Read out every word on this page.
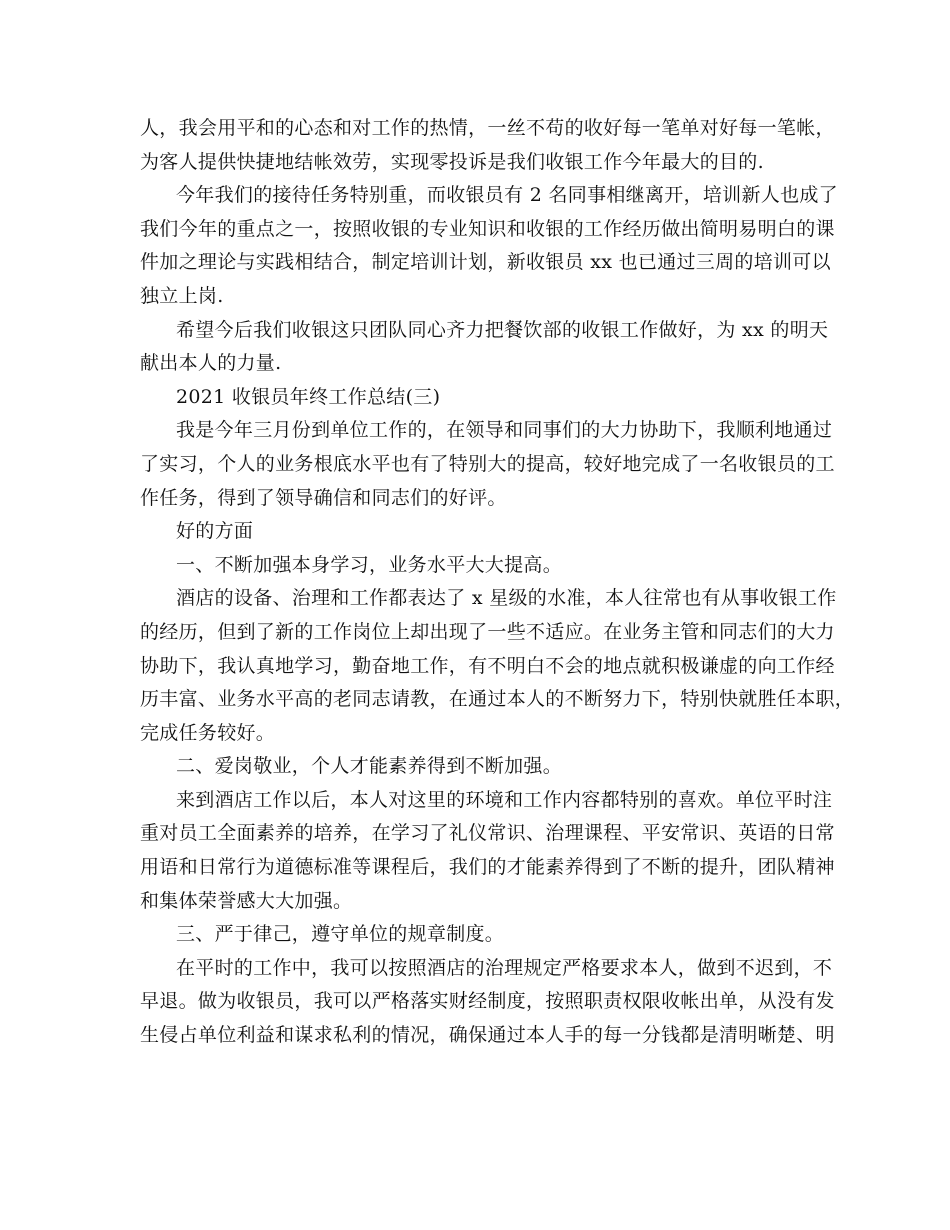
人，我会用平和的心态和对工作的热情，一丝不苟的收好每一笔单对好每一笔帐，
为客人提供快捷地结帐效劳，实现零投诉是我们收银工作今年最大的目的.
今年我们的接待任务特别重，而收银员有 2 名同事相继离开，培训新人也成了
我们今年的重点之一，按照收银的专业知识和收银的工作经历做出简明易明白的课
件加之理论与实践相结合，制定培训计划，新收银员 xx 也已通过三周的培训可以
独立上岗.
希望今后我们收银这只团队同心齐力把餐饮部的收银工作做好，为 xx 的明天
献出本人的力量.
2021 收银员年终工作总结(三)
我是今年三月份到单位工作的，在领导和同事们的大力协助下，我顺利地通过
了实习，个人的业务根底水平也有了特别大的提高，较好地完成了一名收银员的工
作任务，得到了领导确信和同志们的好评。
好的方面
一、不断加强本身学习，业务水平大大提高。
酒店的设备、治理和工作都表达了 x 星级的水准，本人往常也有从事收银工作
的经历，但到了新的工作岗位上却出现了一些不适应。在业务主管和同志们的大力
协助下，我认真地学习，勤奋地工作，有不明白不会的地点就积极谦虚的向工作经
历丰富、业务水平高的老同志请教，在通过本人的不断努力下，特别快就胜任本职，
完成任务较好。
二、爱岗敬业，个人才能素养得到不断加强。
来到酒店工作以后，本人对这里的环境和工作内容都特别的喜欢。单位平时注
重对员工全面素养的培养，在学习了礼仪常识、治理课程、平安常识、英语的日常
用语和日常行为道德标准等课程后，我们的才能素养得到了不断的提升，团队精神
和集体荣誉感大大加强。
三、严于律己，遵守单位的规章制度。
在平时的工作中，我可以按照酒店的治理规定严格要求本人，做到不迟到，不
早退。做为收银员，我可以严格落实财经制度，按照职责权限收帐出单，从没有发
生侵占单位利益和谋求私利的情况，确保通过本人手的每一分钱都是清明晰楚、明
